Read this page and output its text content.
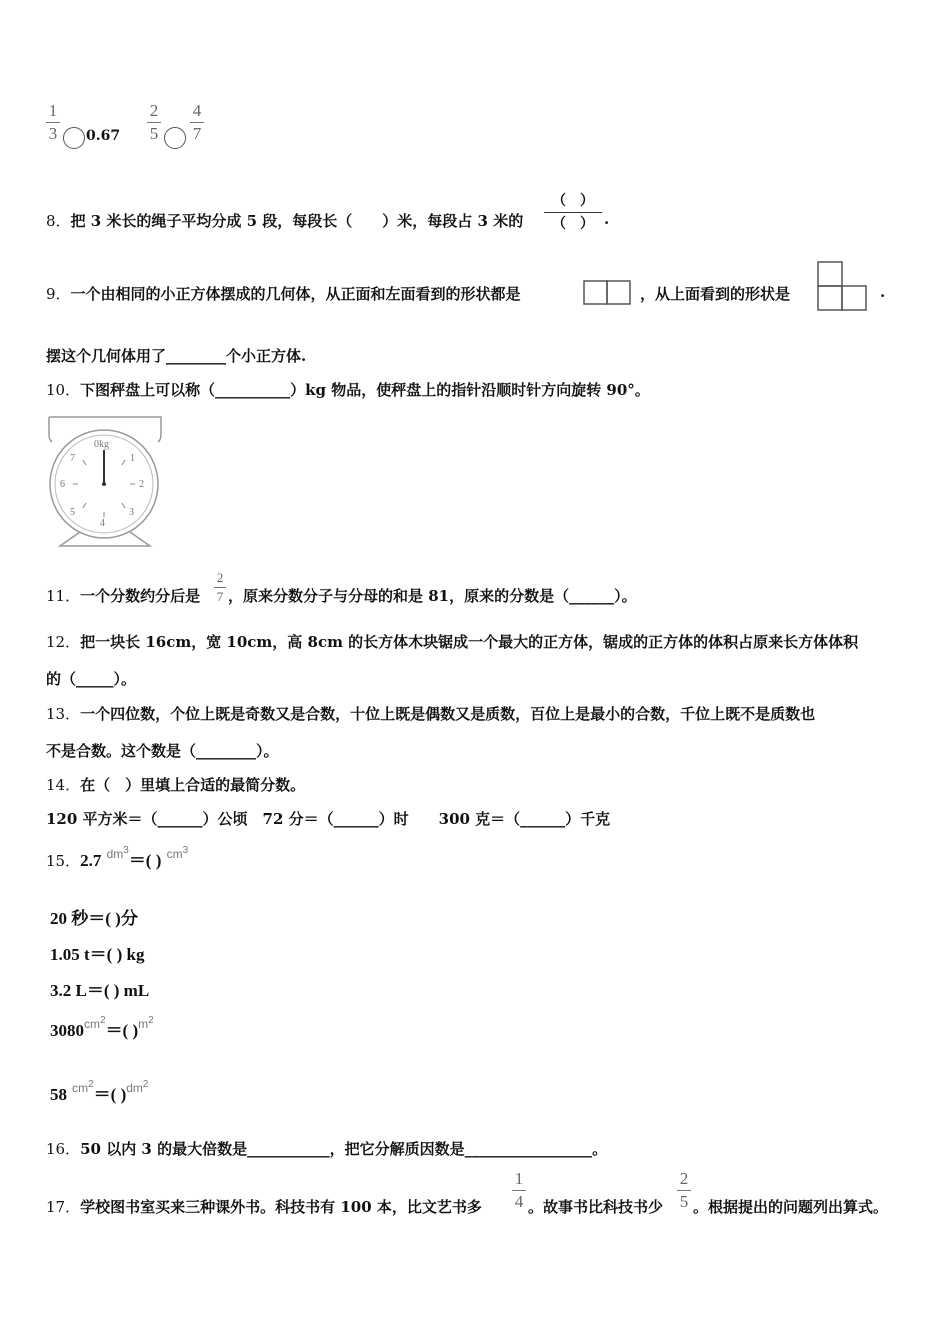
1
3 0.67
2
5
4
7
8．把 3 米长的绳子平均分成 5 段，每段长（　　）米，每段占 3 米的
（　）
（　） .
9．一个由相同的小正方体摆成的几何体，从正面和左面看到的形状都是	，从上面看到的形状是	.
摆这个几何体用了________个小正方体.
10．下图秤盘上可以称（__________）kg 物品，使秤盘上的指针沿顺时针方向旋转 90°。
0kg
1
2
3
4
5
6
7
11．一个分数约分后是
2
7 ，原来分数分子与分母的和是 81，原来的分数是（______）。
12．把一块长 16cm，宽 10cm，高 8cm 的长方体木块锯成一个最大的正方体，锯成的正方体的体积占原来长方体体积
的（_____）。
13．一个四位数，个位上既是奇数又是合数，十位上既是偶数又是质数，百位上是最小的合数，千位上既不是质数也
不是合数。这个数是（________）。
14．在（　）里填上合适的最简分数。
120 平方米＝（______）公顷　72 分＝（______）时　　300 克＝（______）千克
15．2.7 $^{dm^3}$＝( ) $^{cm^3}$
20 秒＝( )分
1.05 t＝( ) kg
3.2 L＝( ) mL
$3080^{cm^2}=$( )$^{m^2}$
58 $^{cm^2}$＝( )$^{dm^2}$
16．50 以内 3 的最大倍数是___________，把它分解质因数是_________________。
17．学校图书室买来三种课外书。科技书有 100 本，比文艺书多
1
4 。故事书比科技书少
2
5 。根据提出的问题列出算式。
